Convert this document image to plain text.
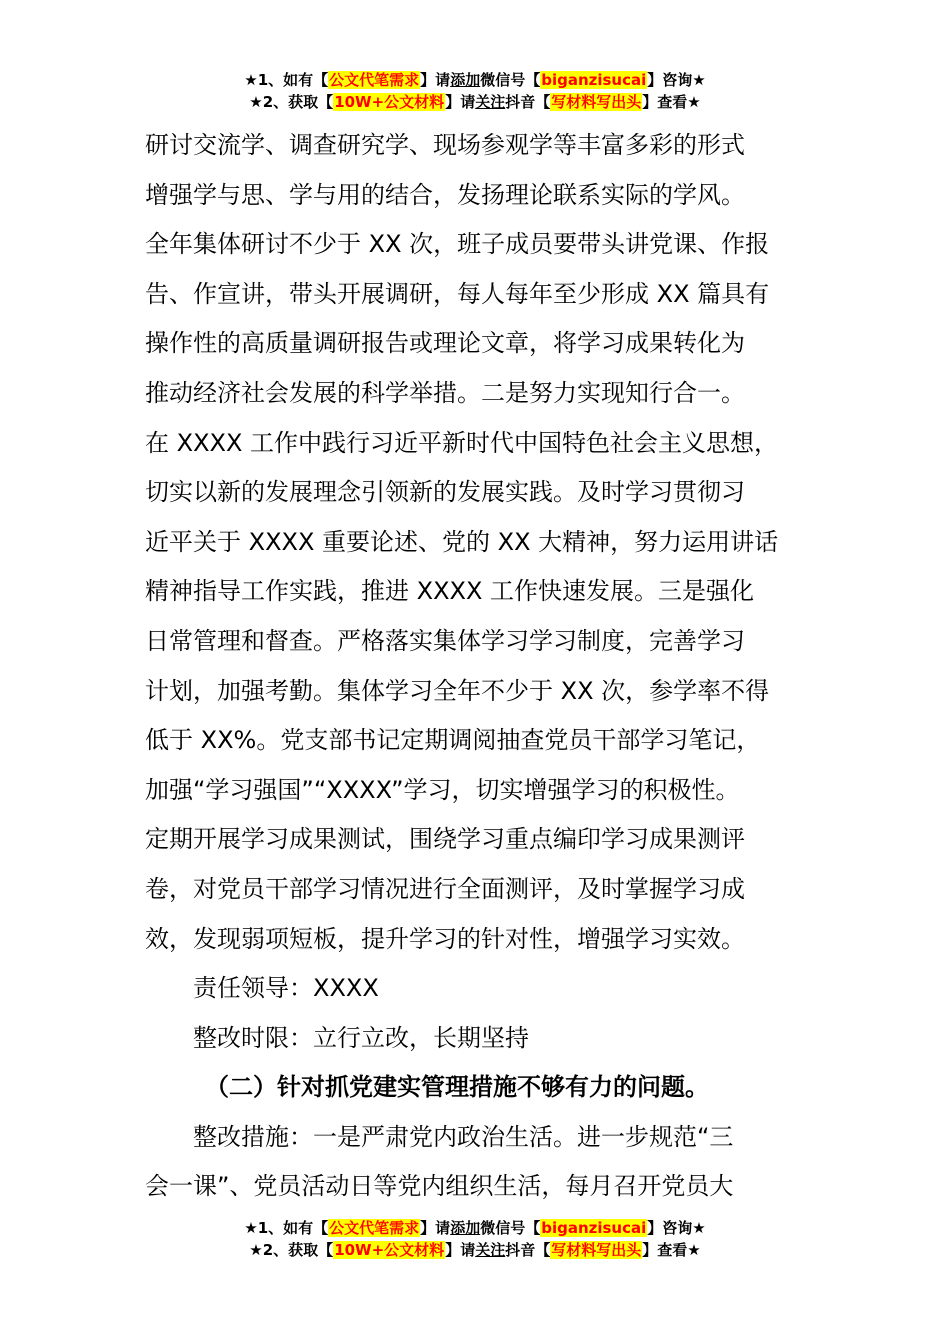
★1、如有【公文代笔需求】请添加微信号【biganzisucai】咨询★
★2、获取【10W+公文材料】请关注抖音【写材料写出头】查看★
研讨交流学、调查研究学、现场参观学等丰富多彩的形式
增强学与思、学与用的结合，发扬理论联系实际的学风。
全年集体研讨不少于 XX 次，班子成员要带头讲党课、作报
告、作宣讲，带头开展调研，每人每年至少形成 XX 篇具有
操作性的高质量调研报告或理论文章，将学习成果转化为
推动经济社会发展的科学举措。二是努力实现知行合一。
在 XXXX 工作中践行习近平新时代中国特色社会主义思想，
切实以新的发展理念引领新的发展实践。及时学习贯彻习
近平关于 XXXX 重要论述、党的 XX 大精神，努力运用讲话
精神指导工作实践，推进 XXXX 工作快速发展。三是强化
日常管理和督查。严格落实集体学习学习制度，完善学习
计划，加强考勤。集体学习全年不少于 XX 次，参学率不得
低于 XX%。党支部书记定期调阅抽查党员干部学习笔记，
加强“学习强国”“XXXX”学习，切实增强学习的积极性。
定期开展学习成果测试，围绕学习重点编印学习成果测评
卷，对党员干部学习情况进行全面测评，及时掌握学习成
效，发现弱项短板，提升学习的针对性，增强学习实效。
责任领导：XXXX
整改时限：立行立改，长期坚持
（二）针对抓党建实管理措施不够有力的问题。
整改措施：一是严肃党内政治生活。进一步规范“三
会一课”、党员活动日等党内组织生活，每月召开党员大
★1、如有【公文代笔需求】请添加微信号【biganzisucai】咨询★
★2、获取【10W+公文材料】请关注抖音【写材料写出头】查看★
